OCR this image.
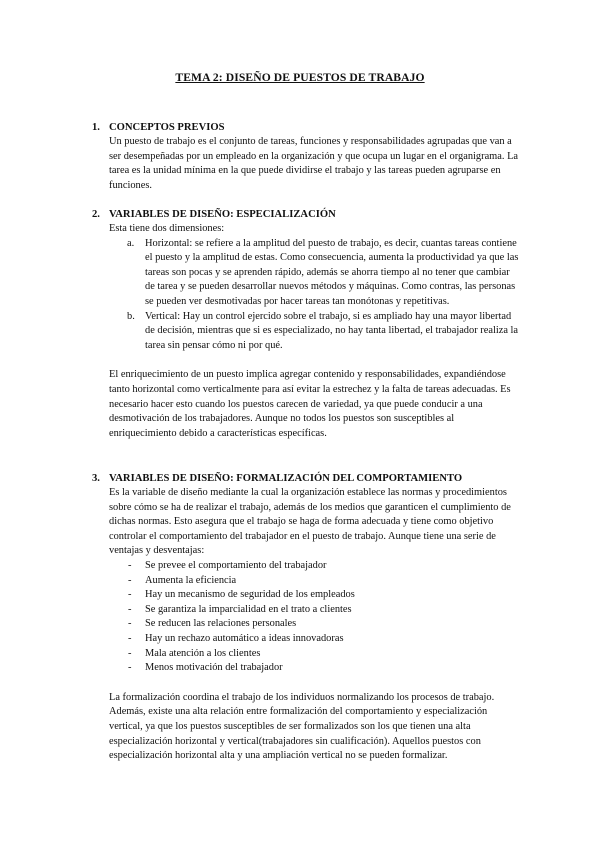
TEMA 2: DISEÑO DE PUESTOS DE TRABAJO
1. CONCEPTOS PREVIOS

Un puesto de trabajo es el conjunto de tareas, funciones y responsabilidades agrupadas que van a ser desempeñadas por un empleado en la organización y que ocupa un lugar en el organigrama. La tarea es la unidad mínima en la que puede dividirse el trabajo y las tareas pueden agruparse en funciones.

2. VARIABLES DE DISEÑO: ESPECIALIZACIÓN

Esta tiene dos dimensiones:

a. Horizontal: se refiere a la amplitud del puesto de trabajo, es decir, cuantas tareas contiene el puesto y la amplitud de estas. Como consecuencia, aumenta la productividad ya que las tareas son pocas y se aprenden rápido, además se ahorra tiempo al no tener que cambiar de tarea y se pueden desarrollar nuevos métodos y máquinas. Como contras, las personas se pueden ver desmotivadas por hacer tareas tan monótonas y repetitivas.
b. Vertical: Hay un control ejercido sobre el trabajo, si es ampliado hay una mayor libertad de decisión, mientras que si es especializado, no hay tanta libertad, el trabajador realiza la tarea sin pensar cómo ni por qué.

El enriquecimiento de un puesto implica agregar contenido y responsabilidades, expandiéndose tanto horizontal como verticalmente para así evitar la estrechez y la falta de tareas adecuadas. Es necesario hacer esto cuando los puestos carecen de variedad, ya que puede conducir a una desmotivación de los trabajadores. Aunque no todos los puestos son susceptibles al enriquecimiento debido a características específicas.

3. VARIABLES DE DISEÑO: FORMALIZACIÓN DEL COMPORTAMIENTO

Es la variable de diseño mediante la cual la organización establece las normas y procedimientos sobre cómo se ha de realizar el trabajo, además de los medios que garanticen el cumplimiento de dichas normas. Esto asegura que el trabajo se haga de forma adecuada y tiene como objetivo controlar el comportamiento del trabajador en el puesto de trabajo. Aunque tiene una serie de ventajas y desventajas:

- Se prevee el comportamiento del trabajador
- Aumenta la eficiencia
- Hay un mecanismo de seguridad de los empleados
- Se garantiza la imparcialidad en el trato a clientes
- Se reducen las relaciones personales
- Hay un rechazo automático a ideas innovadoras
- Mala atención a los clientes
- Menos motivación del trabajador

La formalización coordina el trabajo de los individuos normalizando los procesos de trabajo. Además, existe una alta relación entre formalización del comportamiento y especialización vertical, ya que los puestos susceptibles de ser formalizados son los que tienen una alta especialización horizontal y vertical(trabajadores sin cualificación). Aquellos puestos con especialización horizontal alta y una ampliación vertical no se pueden formalizar.
